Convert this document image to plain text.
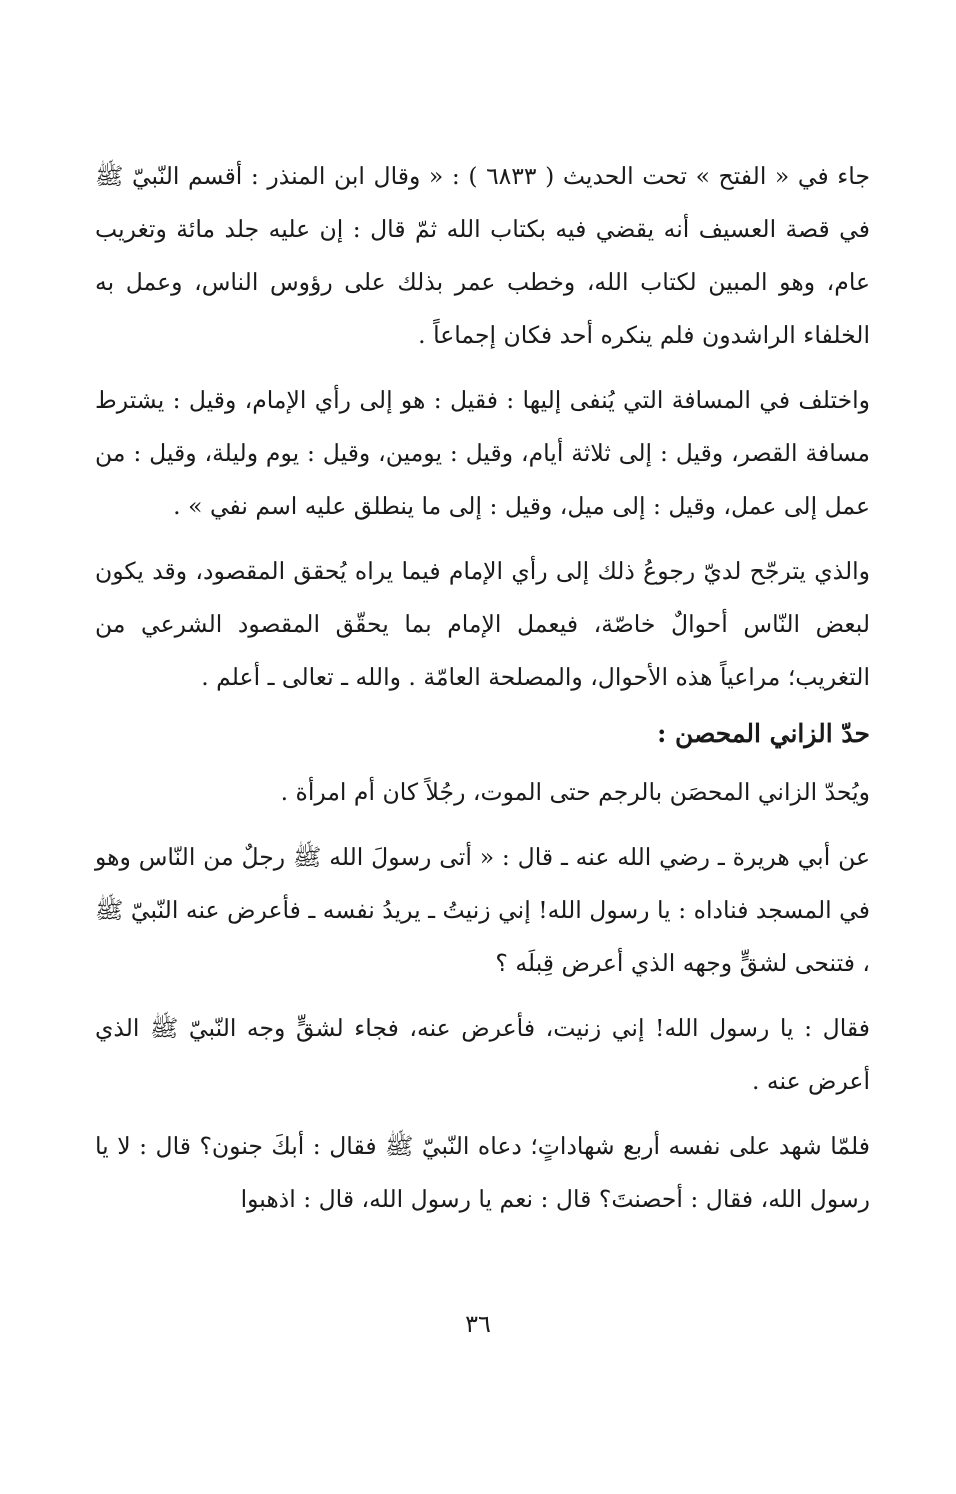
جاء في « الفتح » تحت الحديث ( ٦٨٣٣ ) : « وقال ابن المنذر : أقسم النّبيّ ﷺ في قصة العسيف أنه يقضي فيه بكتاب الله ثمّ قال : إن عليه جلد مائة وتغريب عام، وهو المبين لكتاب الله، وخطب عمر بذلك على رؤوس الناس، وعمل به الخلفاء الراشدون فلم ينكره أحد فكان إجماعاً .

واختلف في المسافة التي يُنفى إليها : فقيل : هو إلى رأي الإمام، وقيل : يشترط مسافة القصر، وقيل : إلى ثلاثة أيام، وقيل : يومين، وقيل : يوم وليلة، وقيل : من عمل إلى عمل، وقيل : إلى ميل، وقيل : إلى ما ينطلق عليه اسم نفي » .

والذي يترجّح لديّ رجوعُ ذلك إلى رأي الإمام فيما يراه يُحقق المقصود، وقد يكون لبعض النّاس أحوالٌ خاصّة، فيعمل الإمام بما يحقّق المقصود الشرعي من التغريب؛ مراعياً هذه الأحوال، والمصلحة العامّة . والله ـ تعالى ـ أعلم .

حدّ الزاني المحصن :

ويُحدّ الزاني المحصَن بالرجم حتى الموت، رجُلاً كان أم امرأة .

عن أبي هريرة ـ رضي الله عنه ـ قال : « أتى رسولَ الله ﷺ رجلٌ من النّاس وهو في المسجد فناداه : يا رسول الله! إني زنيتُ ـ يريدُ نفسه ـ فأعرض عنه النّبيّ ﷺ ، فتنحى لشقٍّ وجهه الذي أعرض قِبلَه ؟

فقال : يا رسول الله! إني زنيت، فأعرض عنه، فجاء لشقٍّ وجه النّبيّ ﷺ الذي أعرض عنه .

فلمّا شهد على نفسه أربع شهاداتٍ؛ دعاه النّبيّ ﷺ فقال : أبكَ جنون؟ قال : لا يا رسول الله، فقال : أحصنتَ؟ قال : نعم يا رسول الله، قال : اذهبوا

٣٦
